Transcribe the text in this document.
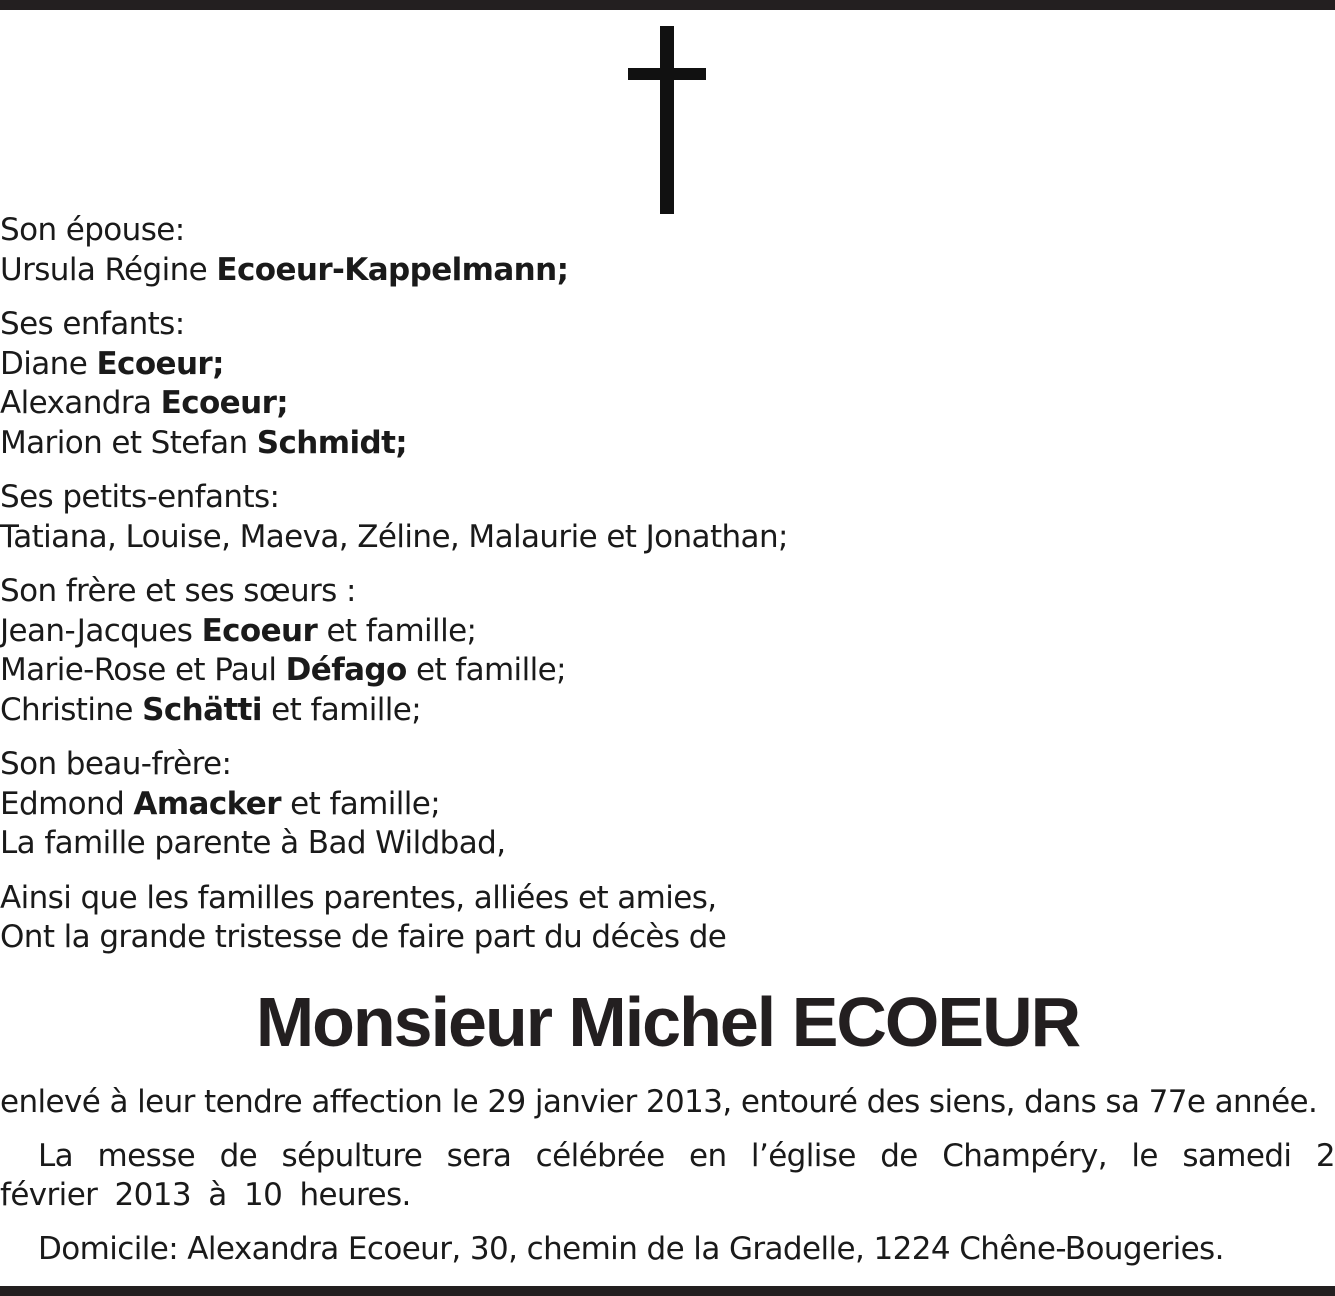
Son épouse:
Ursula Régine Ecoeur-Kappelmann;
Ses enfants:
Diane Ecoeur;
Alexandra Ecoeur;
Marion et Stefan Schmidt;
Ses petits-enfants:
Tatiana, Louise, Maeva, Zéline, Malaurie et Jonathan;
Son frère et ses sœurs :
Jean-Jacques Ecoeur et famille;
Marie-Rose et Paul Défago et famille;
Christine Schätti et famille;
Son beau-frère:
Edmond Amacker et famille;
La famille parente à Bad Wildbad,
Ainsi que les familles parentes, alliées et amies,
Ont la grande tristesse de faire part du décès de
Monsieur Michel ECOEUR
enlevé à leur tendre affection le 29 janvier 2013, entouré des siens, dans sa 77e année.
La messe de sépulture sera célébrée en l’église de Champéry, le samedi 2 février 2013 à 10 heures.
Domicile: Alexandra Ecoeur, 30, chemin de la Gradelle, 1224 Chêne-Bougeries.
